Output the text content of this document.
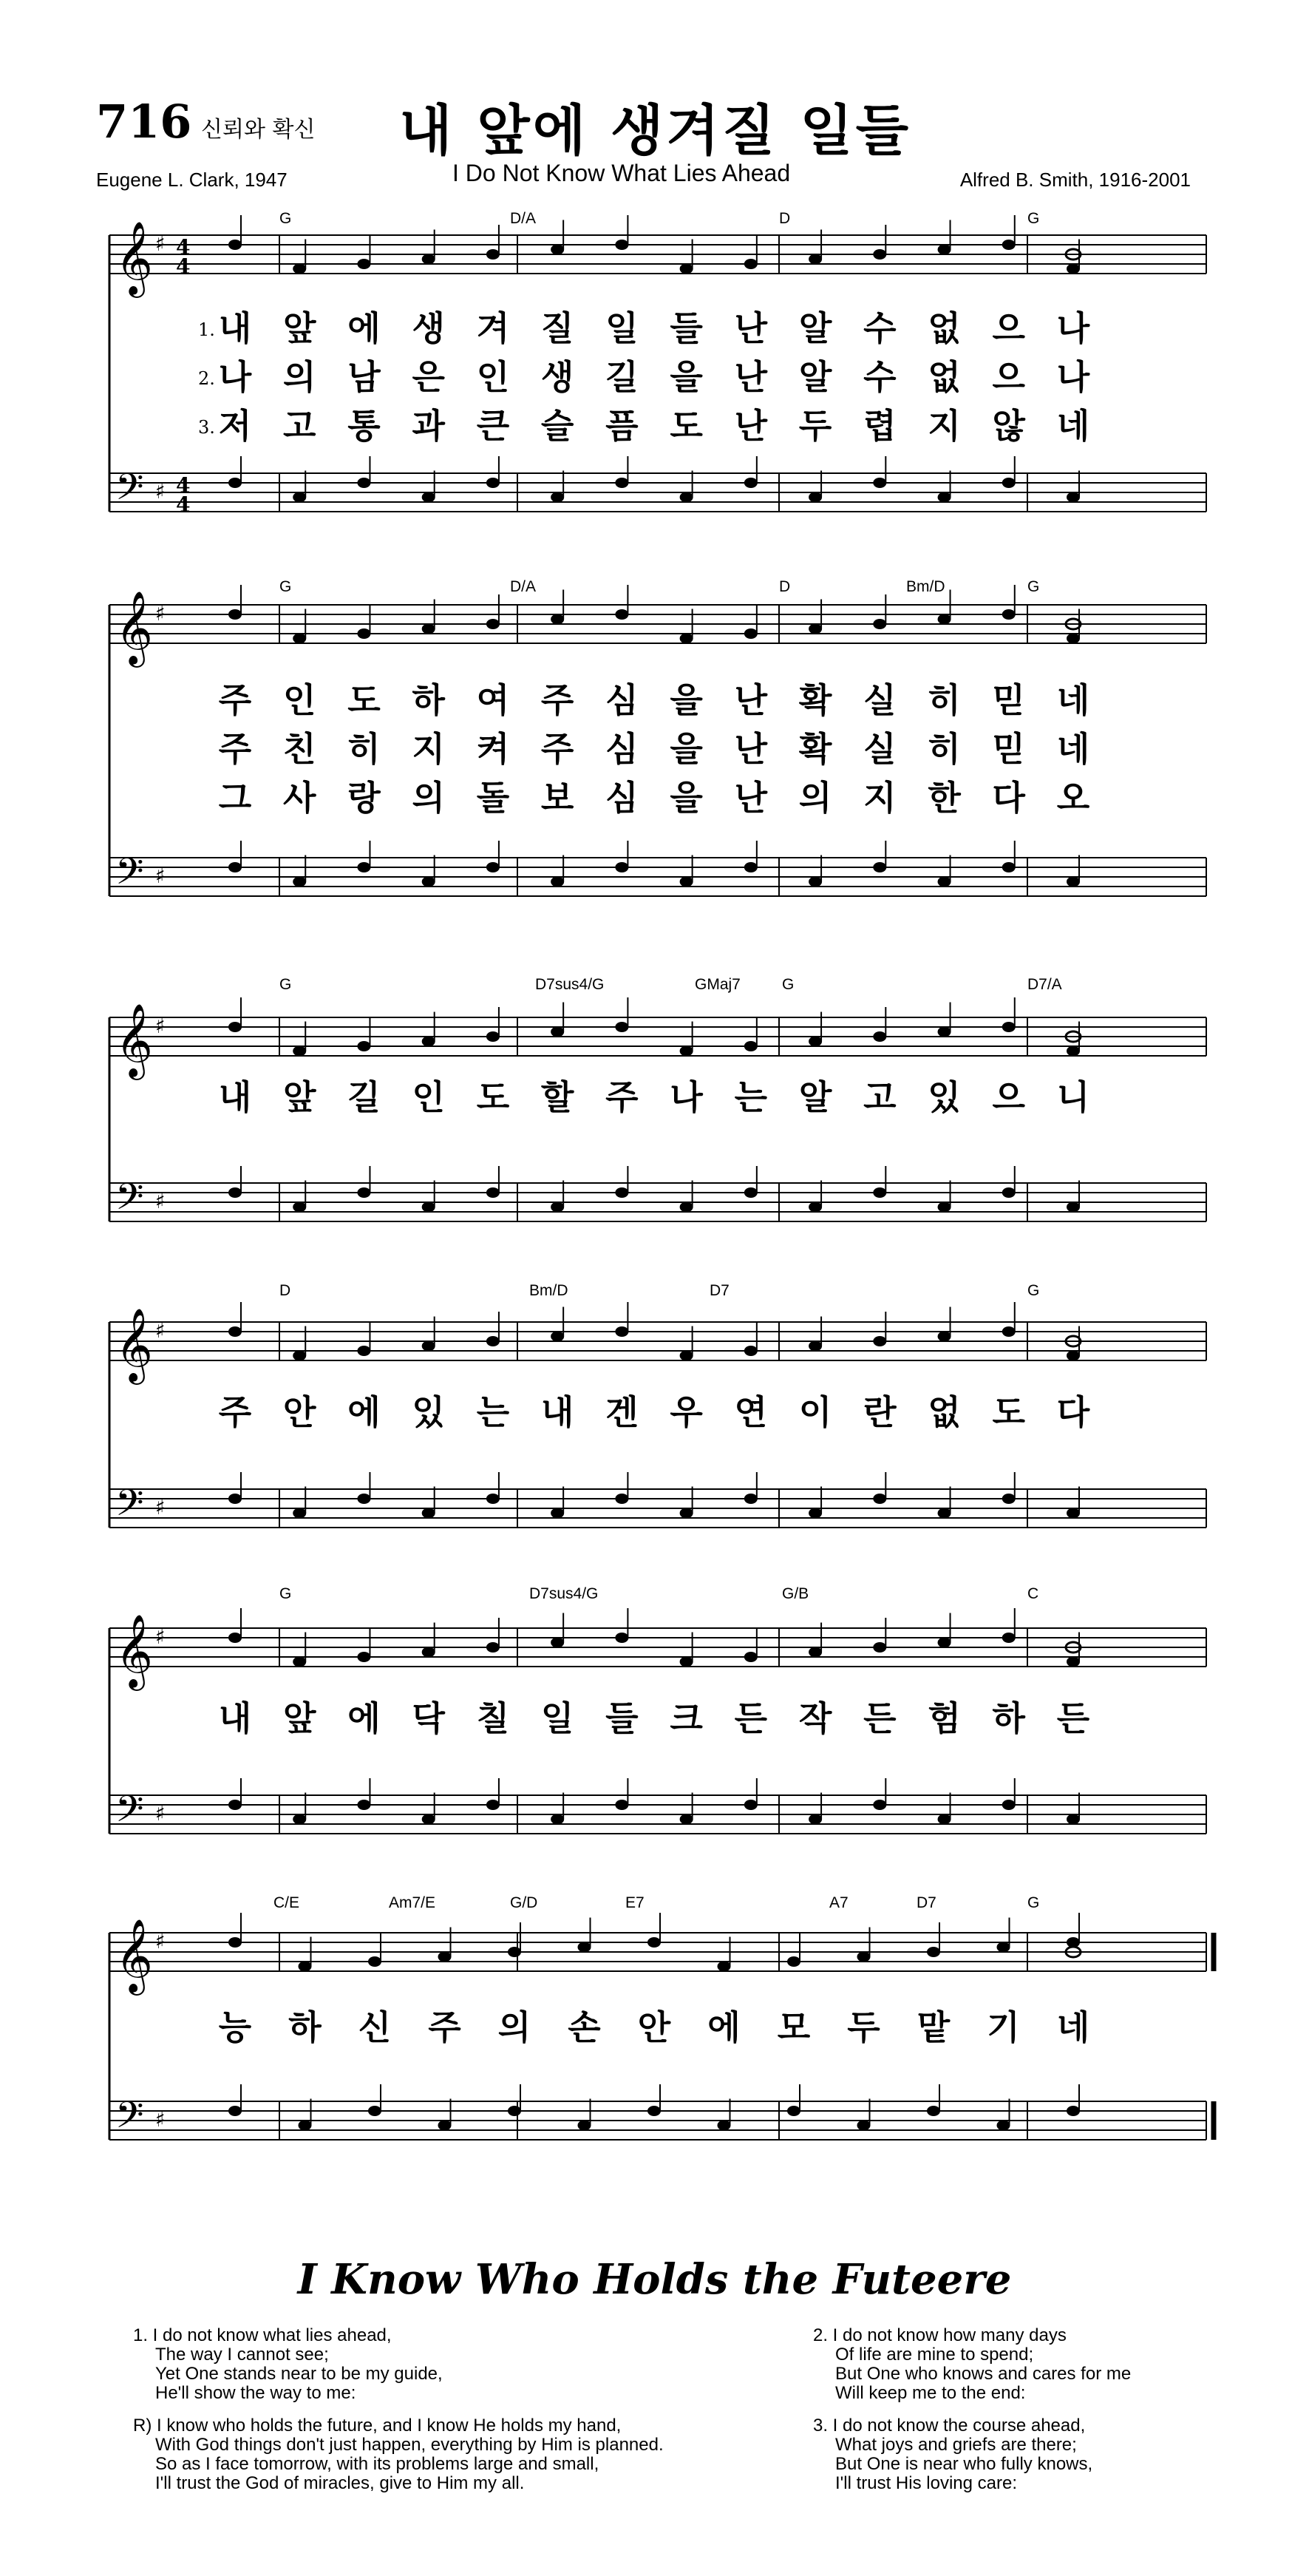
716 신뢰와 확신 내 앞에 생겨질 일들
I Do Not Know What Lies Ahead
Eugene L. Clark, 1947	Alfred B. Smith, 1916-2001
𝄞
𝄢
♯
♯
4
4
4
4
G	D/A	D	G
1. 내 앞 에 생 겨 질 일 들 난 알 수 없 으 나
2. 나 의 남 은 인 생 길 을 난 알 수 없 으 나
3. 저 고 통 과 큰 슬 픔 도 난 두 렵 지 않 네
𝄞
𝄢
♯
♯
G	D/A	D	Bm/D	G
주 인 도 하 여 주 심 을 난 확 실 히 믿 네
주 친 히 지 켜 주 심 을 난 확 실 히 믿 네
그 사 랑 의 돌 보 심 을 난 의 지 한 다 오
𝄞
𝄢
♯
♯
G	D7sus4/G	GMaj7	G	D7/A
내 앞 길 인 도 할 주 나 는 알 고 있 으 니
𝄞
𝄢
♯
♯
D	Bm/D	D7	G
주 안 에 있 는 내 겐 우 연 이 란 없 도 다
𝄞
𝄢
♯
♯
G	D7sus4/G	G/B	C
내 앞 에 닥 칠 일 들 크 든 작 든 험 하 든
𝄞
𝄢
♯
♯
C/E	Am7/E	G/D	E7	A7	D7	G
능 하 신 주 의 손 안 에 모 두 맡 기 네
I Know Who Holds the Futeere
1. I do not know what lies ahead,
The way I cannot see;
Yet One stands near to be my guide,
He'll show the way to me:
R) I know who holds the future, and I know He holds my hand,
With God things don't just happen, everything by Him is planned.
So as I face tomorrow, with its problems large and small,
I'll trust the God of miracles, give to Him my all.
2. I do not know how many days
Of life are mine to spend;
But One who knows and cares for me
Will keep me to the end:
3. I do not know the course ahead,
What joys and griefs are there;
But One is near who fully knows,
I'll trust His loving care:
